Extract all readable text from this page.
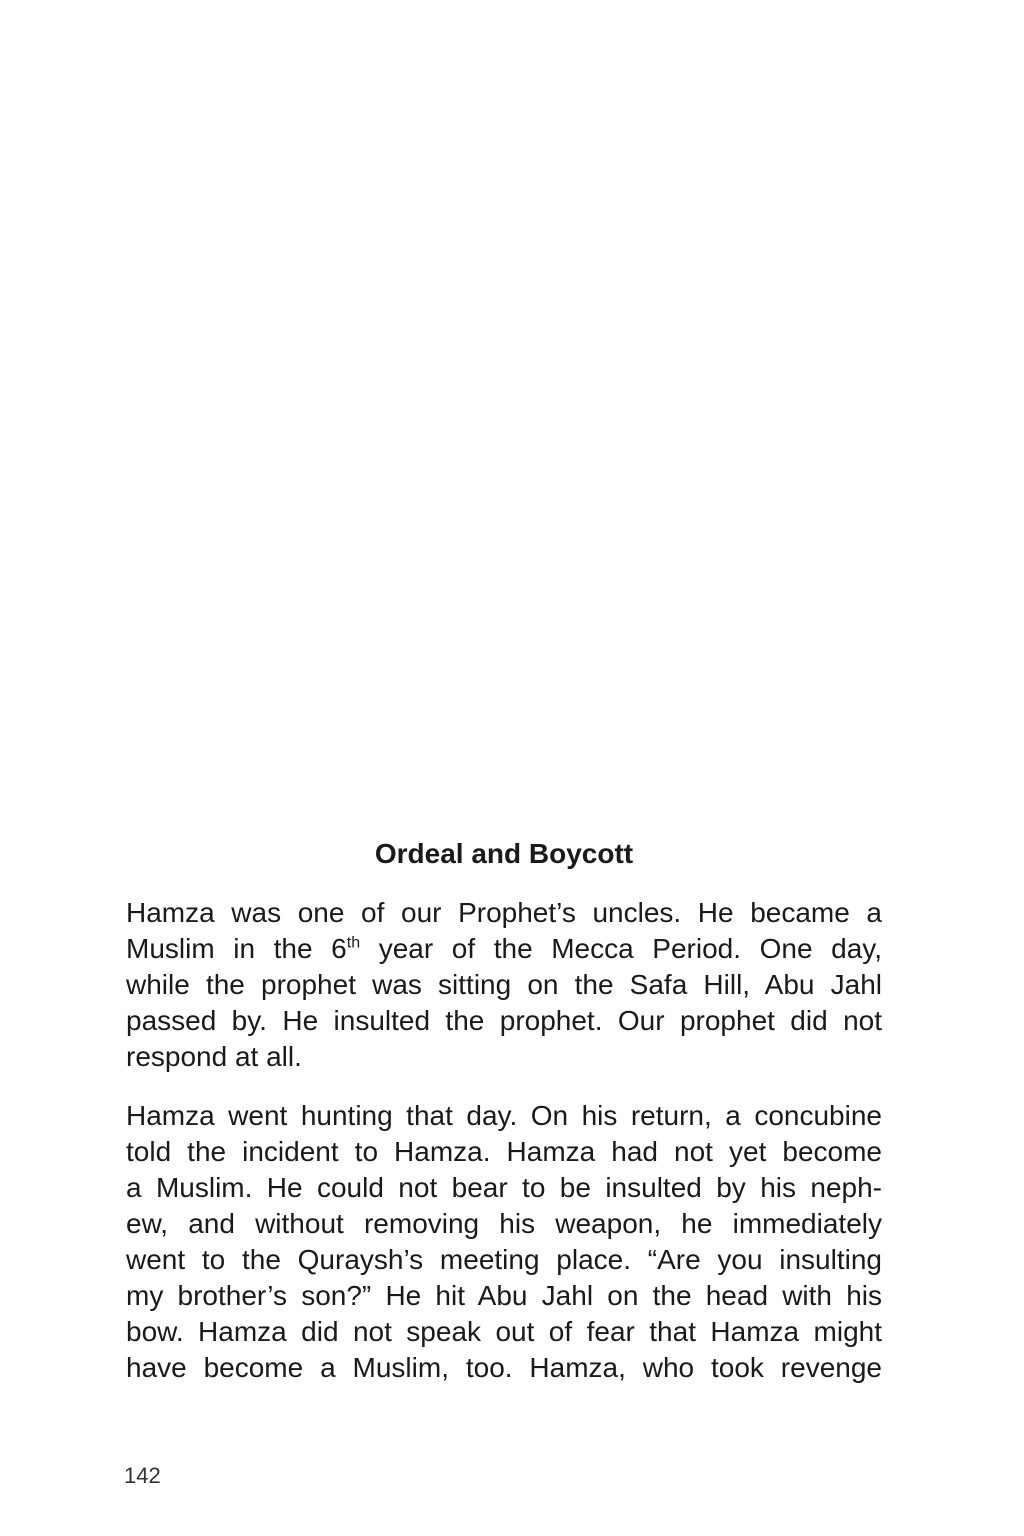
Ordeal and Boycott
Hamza was one of our Prophet’s uncles. He became a
Muslim in the 6th year of the Mecca Period. One day,
while the prophet was sitting on the Safa Hill, Abu Jahl
passed by. He insulted the prophet. Our prophet did not
respond at all.
Hamza went hunting that day. On his return, a concubine
told the incident to Hamza. Hamza had not yet become
a Muslim. He could not bear to be insulted by his neph-
ew, and without removing his weapon, he immediately
went to the Quraysh’s meeting place. “Are you insulting
my brother’s son?” He hit Abu Jahl on the head with his
bow. Hamza did not speak out of fear that Hamza might
have become a Muslim, too. Hamza, who took revenge

142
